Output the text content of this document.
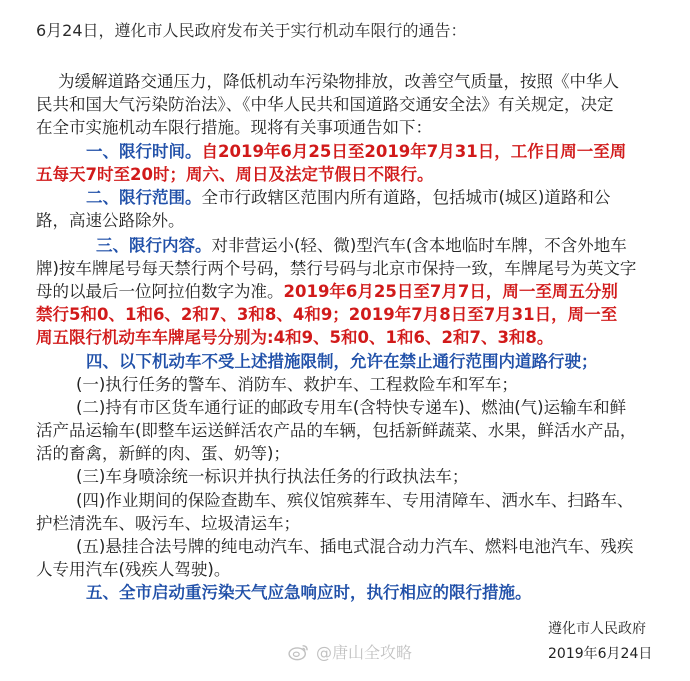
6月24日，遵化市人民政府发布关于实行机动车限行的通告：
为缓解道路交通压力，降低机动车污染物排放，改善空气质量，按照《中华人
民共和国大气污染防治法》、《中华人民共和国道路交通安全法》有关规定，决定
在全市实施机动车限行措施。现将有关事项通告如下：
一、限行时间。自2019年6月25日至2019年7月31日，工作日周一至周
五每天7时至20时；周六、周日及法定节假日不限行。
二、限行范围。全市行政辖区范围内所有道路，包括城市(城区)道路和公
路，高速公路除外。
三、限行内容。对非营运小(轻、微)型汽车(含本地临时车牌，不含外地车
牌)按车牌尾号每天禁行两个号码，禁行号码与北京市保持一致，车牌尾号为英文字
母的以最后一位阿拉伯数字为准。2019年6月25日至7月7日，周一至周五分别
禁行5和0、1和6、2和7、3和8、4和9；2019年7月8日至7月31日，周一至
周五限行机动车车牌尾号分别为:4和9、5和0、1和6、2和7、3和8。
四、以下机动车不受上述措施限制，允许在禁止通行范围内道路行驶；
(一)执行任务的警车、消防车、救护车、工程救险车和军车；
(二)持有市区货车通行证的邮政专用车(含特快专递车)、燃油(气)运输车和鲜
活产品运输车(即整车运送鲜活农产品的车辆，包括新鲜蔬菜、水果，鲜活水产品，
活的畜禽，新鲜的肉、蛋、奶等)；
(三)车身喷涂统一标识并执行执法任务的行政执法车；
(四)作业期间的保险查勘车、殡仪馆殡葬车、专用清障车、洒水车、扫路车、
护栏清洗车、吸污车、垃圾清运车；
(五)悬挂合法号牌的纯电动汽车、插电式混合动力汽车、燃料电池汽车、残疾
人专用汽车(残疾人驾驶)。
五、全市启动重污染天气应急响应时，执行相应的限行措施。
遵化市人民政府
2019年6月24日
@唐山全攻略
